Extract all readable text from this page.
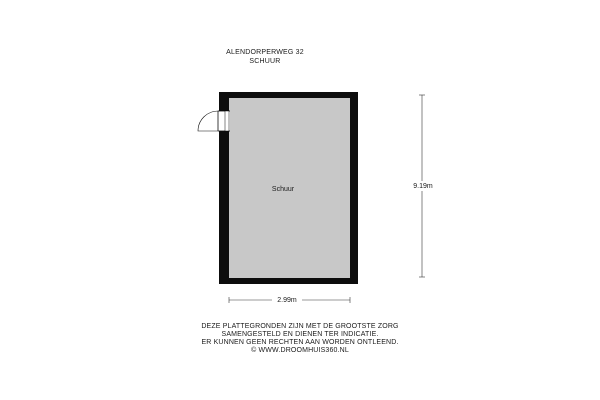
ALENDORPERWEG 32
SCHUUR
Schuur	9.19m
2.99m
DEZE PLATTEGRONDEN ZIJN MET DE GROOTSTE ZORG
SAMENGESTELD EN DIENEN TER INDICATIE.
ER KUNNEN GEEN RECHTEN AAN WORDEN ONTLEEND.
© WWW.DROOMHUIS360.NL
